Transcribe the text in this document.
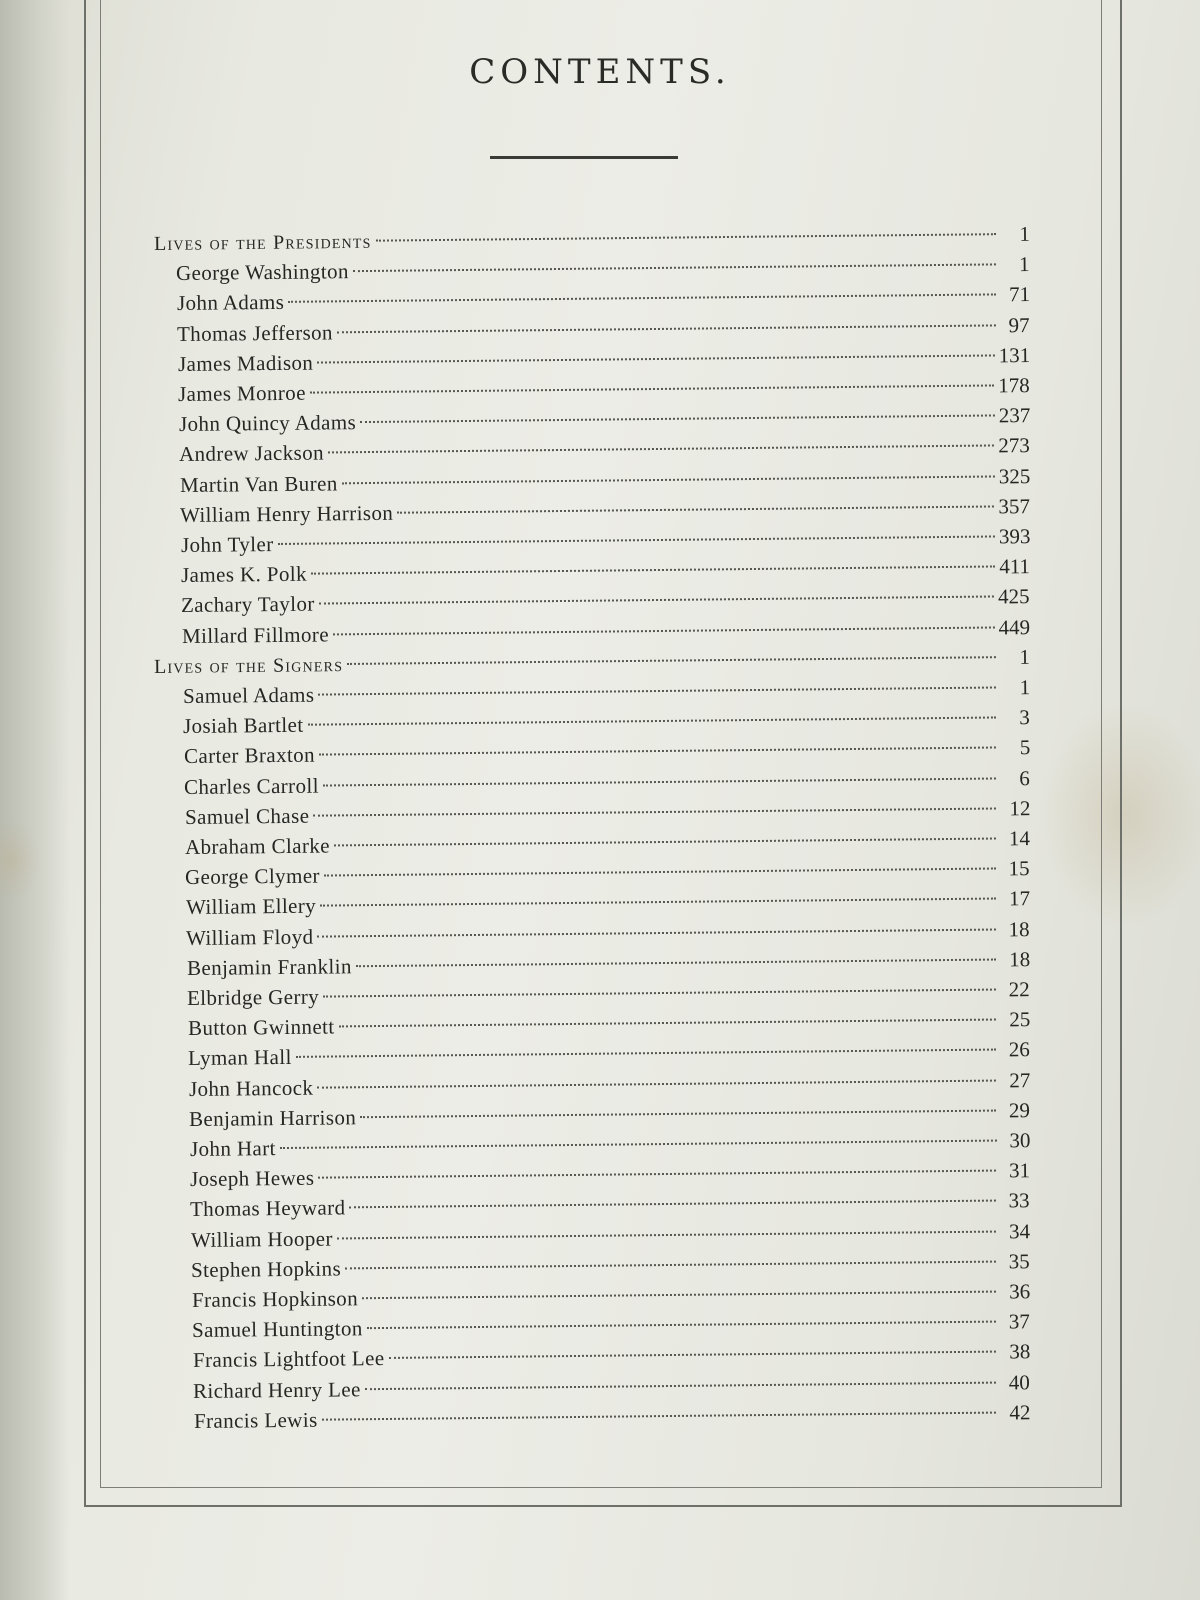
CONTENTS.
Lives of the Presidents	1
George Washington	1
John Adams	71
Thomas Jefferson	97
James Madison	131
James Monroe	178
John Quincy Adams	237
Andrew Jackson	273
Martin Van Buren	325
William Henry Harrison	357
John Tyler	393
James K. Polk	411
Zachary Taylor	425
Millard Fillmore	449
Lives of the Signers	1
Samuel Adams	1
Josiah Bartlet	3
Carter Braxton	5
Charles Carroll	6
Samuel Chase	12
Abraham Clarke	14
George Clymer	15
William Ellery	17
William Floyd	18
Benjamin Franklin	18
Elbridge Gerry	22
Button Gwinnett	25
Lyman Hall	26
John Hancock	27
Benjamin Harrison	29
John Hart	30
Joseph Hewes	31
Thomas Heyward	33
William Hooper	34
Stephen Hopkins	35
Francis Hopkinson	36
Samuel Huntington	37
Francis Lightfoot Lee	38
Richard Henry Lee	40
Francis Lewis	42
